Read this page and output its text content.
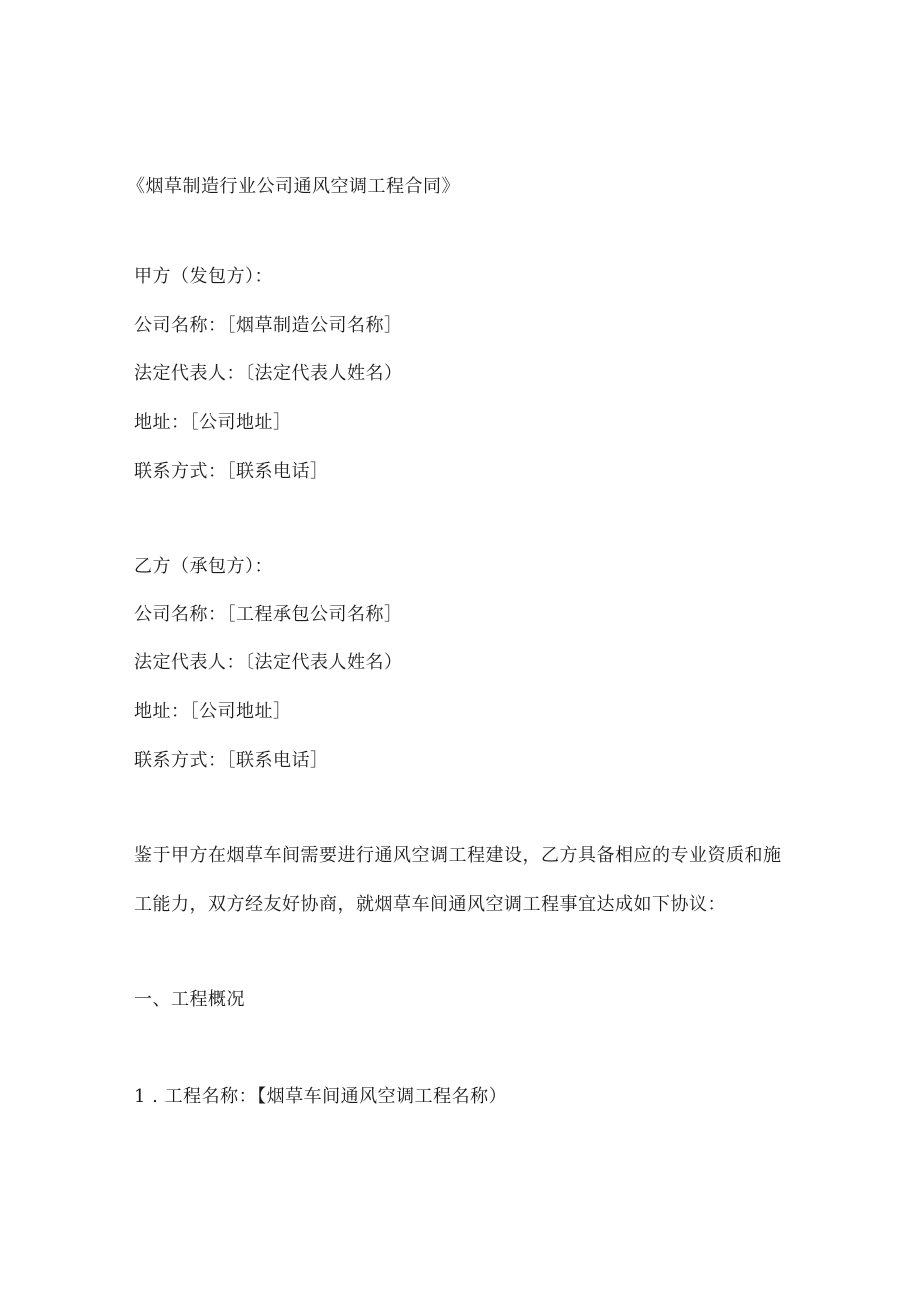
《烟草制造行业公司通风空调工程合同》
甲方（发包方）：
公司名称：［烟草制造公司名称］
法定代表人：〔法定代表人姓名）
地址：［公司地址］
联系方式：［联系电话］
乙方（承包方）：
公司名称：［工程承包公司名称］
法定代表人：〔法定代表人姓名）
地址：［公司地址］
联系方式：［联系电话］
鉴于甲方在烟草车间需要进行通风空调工程建设，乙方具备相应的专业资质和施
工能力，双方经友好协商，就烟草车间通风空调工程事宜达成如下协议：
一、工程概况
1 . 工程名称：【烟草车间通风空调工程名称）
